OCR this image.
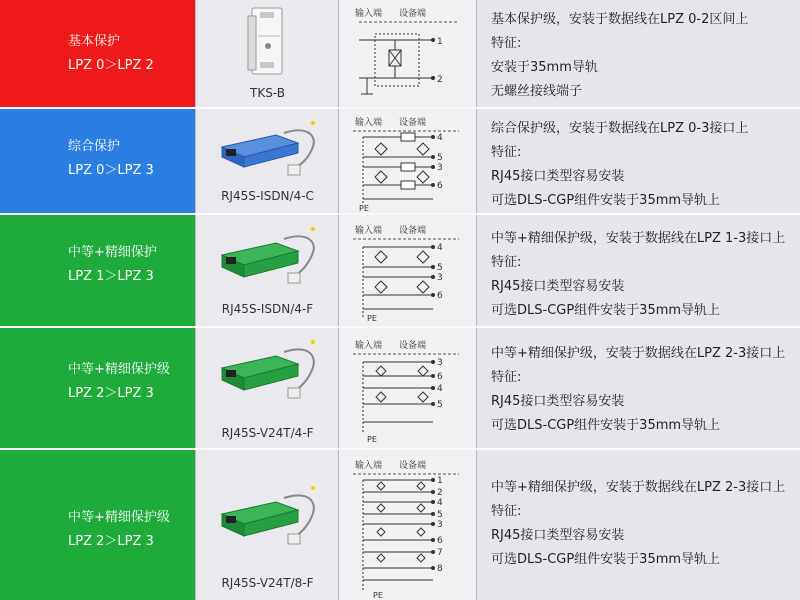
基本保护
LPZ 0＞LPZ 2
TKS-B
输入端 设备端
1
2
基本保护级，安装于数据线在LPZ 0-2区间上
特征:
安装于35mm导轨
无螺丝接线端子
综合保护
LPZ 0＞LPZ 3
RJ45S-ISDN/4-C
输入端 设备端
4
5
3
6
PE
综合保护级，安装于数据线在LPZ 0-3接口上
特征:
RJ45接口类型容易安装
可选DLS-CGP组件安装于35mm导轨上
中等+精细保护
LPZ 1＞LPZ 3
RJ45S-ISDN/4-F
输入端 设备端
4
5
3
6
PE
中等+精细保护级，安装于数据线在LPZ 1-3接口上
特征:
RJ45接口类型容易安装
可选DLS-CGP组件安装于35mm导轨上
中等+精细保护级
LPZ 2＞LPZ 3
RJ45S-V24T/4-F
输入端 设备端
3
6
4
5
PE
中等+精细保护级，安装于数据线在LPZ 2-3接口上
特征:
RJ45接口类型容易安装
可选DLS-CGP组件安装于35mm导轨上
中等+精细保护级
LPZ 2＞LPZ 3
RJ45S-V24T/8-F
输入端 设备端
1
2
4
5
3
6
7
8
PE
中等+精细保护级，安装于数据线在LPZ 2-3接口上
特征:
RJ45接口类型容易安装
可选DLS-CGP组件安装于35mm导轨上
